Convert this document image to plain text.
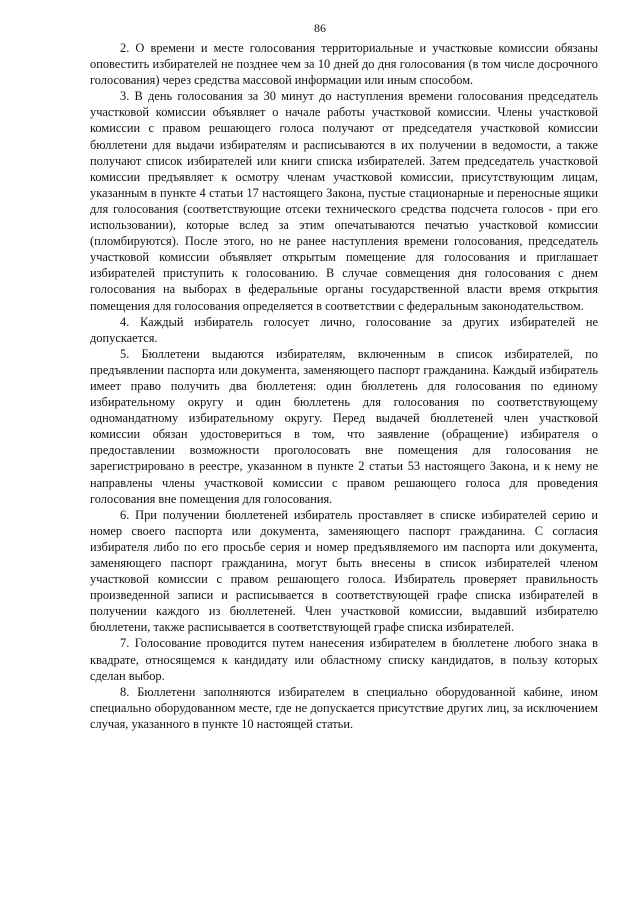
86

2. О времени и месте голосования территориальные и участковые комиссии обязаны оповестить избирателей не позднее чем за 10 дней до дня голосования (в том числе досрочного голосования) через средства массовой информации или иным способом.

3. В день голосования за 30 минут до наступления времени голосования председатель участковой комиссии объявляет о начале работы участковой комиссии. Члены участковой комиссии с правом решающего голоса получают от председателя участковой комиссии бюллетени для выдачи избирателям и расписываются в их получении в ведомости, а также получают список избирателей или книги списка избирателей. Затем председатель участковой комиссии предъявляет к осмотру членам участковой комиссии, присутствующим лицам, указанным в пункте 4 статьи 17 настоящего Закона, пустые стационарные и переносные ящики для голосования (соответствующие отсеки технического средства подсчета голосов - при его использовании), которые вслед за этим опечатываются печатью участковой комиссии (пломбируются). После этого, но не ранее наступления времени голосования, председатель участковой комиссии объявляет открытым помещение для голосования и приглашает избирателей приступить к голосованию. В случае совмещения дня голосования с днем голосования на выборах в федеральные органы государственной власти время открытия помещения для голосования определяется в соответствии с федеральным законодательством.

4. Каждый избиратель голосует лично, голосование за других избирателей не допускается.

5. Бюллетени выдаются избирателям, включенным в список избирателей, по предъявлении паспорта или документа, заменяющего паспорт гражданина. Каждый избиратель имеет право получить два бюллетеня: один бюллетень для голосования по единому избирательному округу и один бюллетень для голосования по соответствующему одномандатному избирательному округу. Перед выдачей бюллетеней член участковой комиссии обязан удостовериться в том, что заявление (обращение) избирателя о предоставлении возможности проголосовать вне помещения для голосования не зарегистрировано в реестре, указанном в пункте 2 статьи 53 настоящего Закона, и к нему не направлены члены участковой комиссии с правом решающего голоса для проведения голосования вне помещения для голосования.

6. При получении бюллетеней избиратель проставляет в списке избирателей серию и номер своего паспорта или документа, заменяющего паспорт гражданина. С согласия избирателя либо по его просьбе серия и номер предъявляемого им паспорта или документа, заменяющего паспорт гражданина, могут быть внесены в список избирателей членом участковой комиссии с правом решающего голоса. Избиратель проверяет правильность произведенной записи и расписывается в соответствующей графе списка избирателей в получении каждого из бюллетеней. Член участковой комиссии, выдавший избирателю бюллетени, также расписывается в соответствующей графе списка избирателей.

7. Голосование проводится путем нанесения избирателем в бюллетене любого знака в квадрате, относящемся к кандидату или областному списку кандидатов, в пользу которых сделан выбор.

8. Бюллетени заполняются избирателем в специально оборудованной кабине, ином специально оборудованном месте, где не допускается присутствие других лиц, за исключением случая, указанного в пункте 10 настоящей статьи.
